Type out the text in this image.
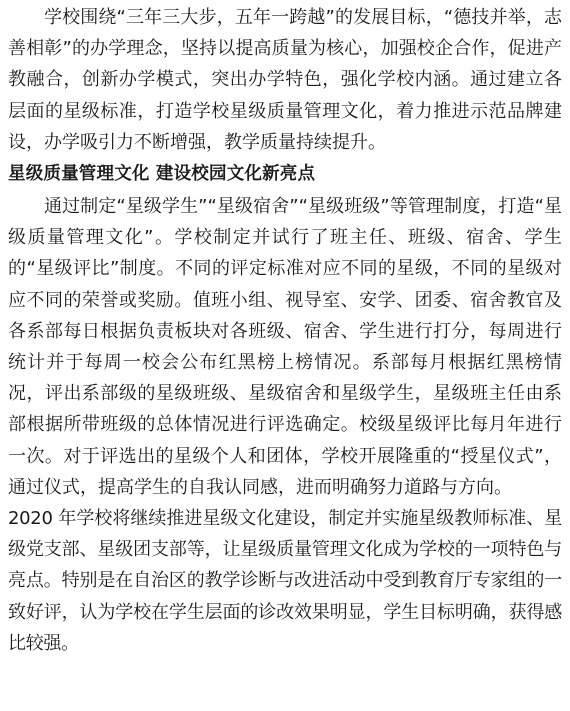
学校围绕“三年三大步，五年一跨越”的发展目标，“德技并举，志善相彰”的办学理念，坚持以提高质量为核心，加强校企合作，促进产教融合，创新办学模式，突出办学特色，强化学校内涵。通过建立各层面的星级标准，打造学校星级质量管理文化，着力推进示范品牌建设，办学吸引力不断增强，教学质量持续提升。

星级质量管理文化 建设校园文化新亮点

通过制定“星级学生”“星级宿舍”“星级班级”等管理制度，打造“星级质量管理文化”。学校制定并试行了班主任、班级、宿舍、学生的“星级评比”制度。不同的评定标准对应不同的星级，不同的星级对应不同的荣誉或奖励。值班小组、视导室、安学、团委、宿舍教官及各系部每日根据负责板块对各班级、宿舍、学生进行打分，每周进行统计并于每周一校会公布红黑榜上榜情况。系部每月根据红黑榜情况，评出系部级的星级班级、星级宿舍和星级学生，星级班主任由系部根据所带班级的总体情况进行评选确定。校级星级评比每月年进行一次。对于评选出的星级个人和团体，学校开展隆重的“授星仪式”，通过仪式，提高学生的自我认同感，进而明确努力道路与方向。

2020 年学校将继续推进星级文化建设，制定并实施星级教师标准、星级党支部、星级团支部等，让星级质量管理文化成为学校的一项特色与亮点。特别是在自治区的教学诊断与改进活动中受到教育厅专家组的一致好评，认为学校在学生层面的诊改效果明显，学生目标明确，获得感比较强。
